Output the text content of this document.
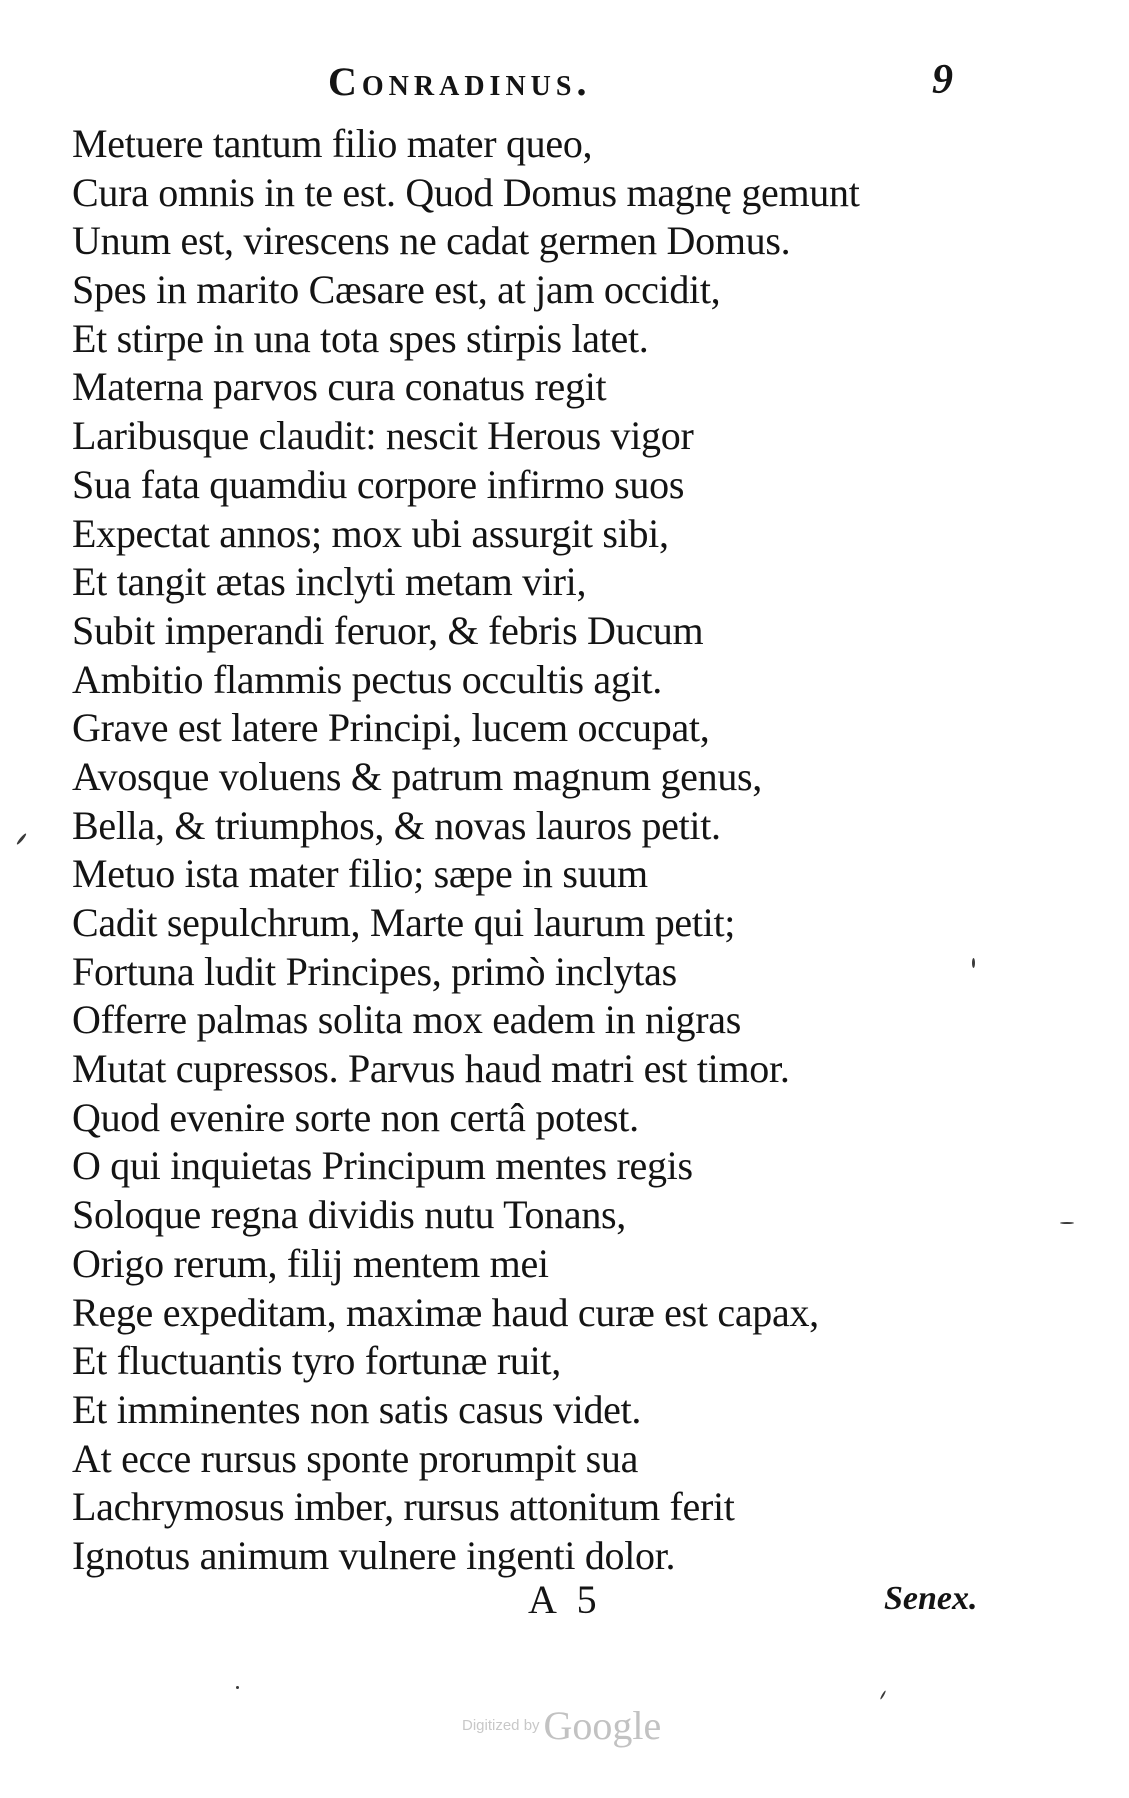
Conradinus.	9
Metuere tantum filio mater queo,
Cura omnis in te est. Quod Domus magnę gemunt
Unum est, virescens ne cadat germen Domus.
Spes in marito Cæsare est, at jam occidit,
Et stirpe in una tota spes stirpis latet.
Materna parvos cura conatus regit
Laribusque claudit: nescit Herous vigor
Sua fata quamdiu corpore infirmo suos
Expectat annos; mox ubi assurgit sibi,
Et tangit ætas inclyti metam viri,
Subit imperandi feruor, & febris Ducum
Ambitio flammis pectus occultis agit.
Grave est latere Principi, lucem occupat,
Avosque voluens & patrum magnum genus,
Bella, & triumphos, & novas lauros petit.
Metuo ista mater filio; sæpe in suum
Cadit sepulchrum, Marte qui laurum petit;
Fortuna ludit Principes, primò inclytas
Offerre palmas solita mox eadem in nigras
Mutat cupressos. Parvus haud matri est timor.
Quod evenire sorte non certâ potest.
O qui inquietas Principum mentes regis
Soloque regna dividis nutu Tonans,
Origo rerum, filij mentem mei
Rege expeditam, maximæ haud curæ est capax,
Et fluctuantis tyro fortunæ ruit,
Et imminentes non satis casus videt.
At ecce rursus sponte prorumpit sua
Lachrymosus imber, rursus attonitum ferit
Ignotus animum vulnere ingenti dolor.
A 5	Senex.
Digitized by Google
